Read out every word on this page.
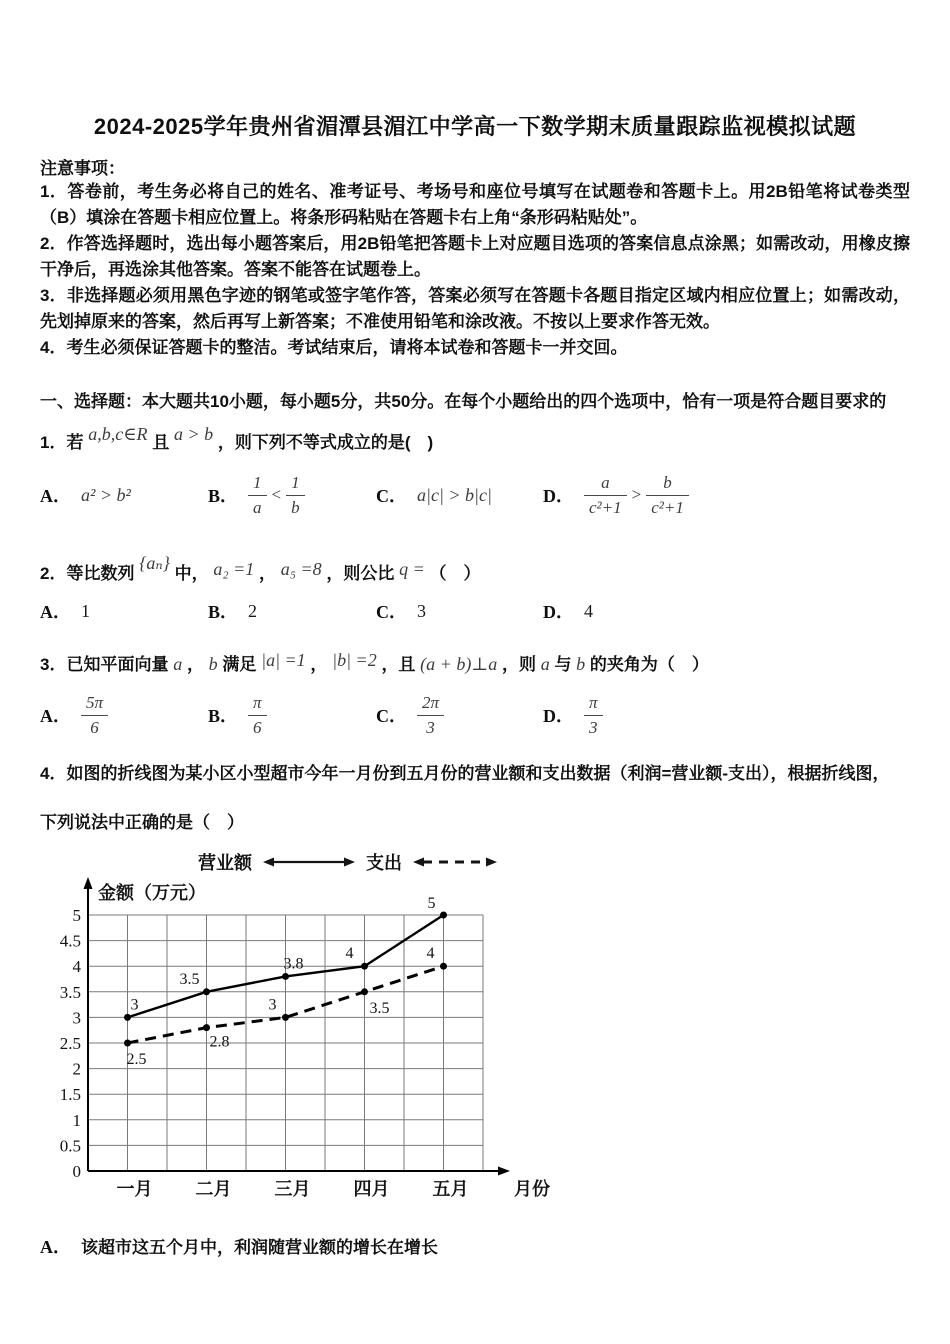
2024-2025学年贵州省湄潭县湄江中学高一下数学期末质量跟踪监视模拟试题
注意事项：

1．答卷前，考生务必将自己的姓名、准考证号、考场号和座位号填写在试题卷和答题卡上。用2B铅笔将试卷类型（B）填涂在答题卡相应位置上。将条形码粘贴在答题卡右上角“条形码粘贴处”。

2．作答选择题时，选出每小题答案后，用2B铅笔把答题卡上对应题目选项的答案信息点涂黑；如需改动，用橡皮擦干净后，再选涂其他答案。答案不能答在试题卷上。

3．非选择题必须用黑色字迹的钢笔或签字笔作答，答案必须写在答题卡各题目指定区域内相应位置上；如需改动，先划掉原来的答案，然后再写上新答案；不准使用铅笔和涂改液。不按以上要求作答无效。

4．考生必须保证答题卡的整洁。考试结束后，请将本试卷和答题卡一并交回。

一、选择题：本大题共10小题，每小题5分，共50分。在每个小题给出的四个选项中，恰有一项是符合题目要求的
1．若 a,b,c∈R 且 a > b ，则下列不等式成立的是(　)
A． a² > b²	B． $\frac{1}{a} < \frac{1}{b}$	C． a|c| > b|c|	D． $\frac{a}{\text{c²+1}} > \frac{b}{\text{c²+1}}$
2．等比数列 {aₙ} 中， a₂ =1 ， a₅ =8 ，则公比 q = （　）
A． 1	B． 2	C． 3	D． 4
3．已知平面向量 a ， b 满足 |a| =1 ， |b| =2 ，且 (a + b)⊥a ，则 a 与 b 的夹角为（　）
A． $\frac{5\pi}{6}$	B． $\frac{\pi}{6}$	C． $\frac{2\pi}{3}$	D． $\frac{\pi}{3}$
4．如图的折线图为某小区小型超市今年一月份到五月份的营业额和支出数据（利润=营业额-支出），根据折线图，
下列说法中正确的是（　）
营业额	支出
金额（万元）
月份
0
0.5
1
1.5
2
2.5
3
3.5
4
4.5
5
一月 二月 三月 四月 五月
3
3.5
3.8
4
5
2.5
2.8
3	3.5
4
A． 该超市这五个月中，利润随营业额的增长在增长
